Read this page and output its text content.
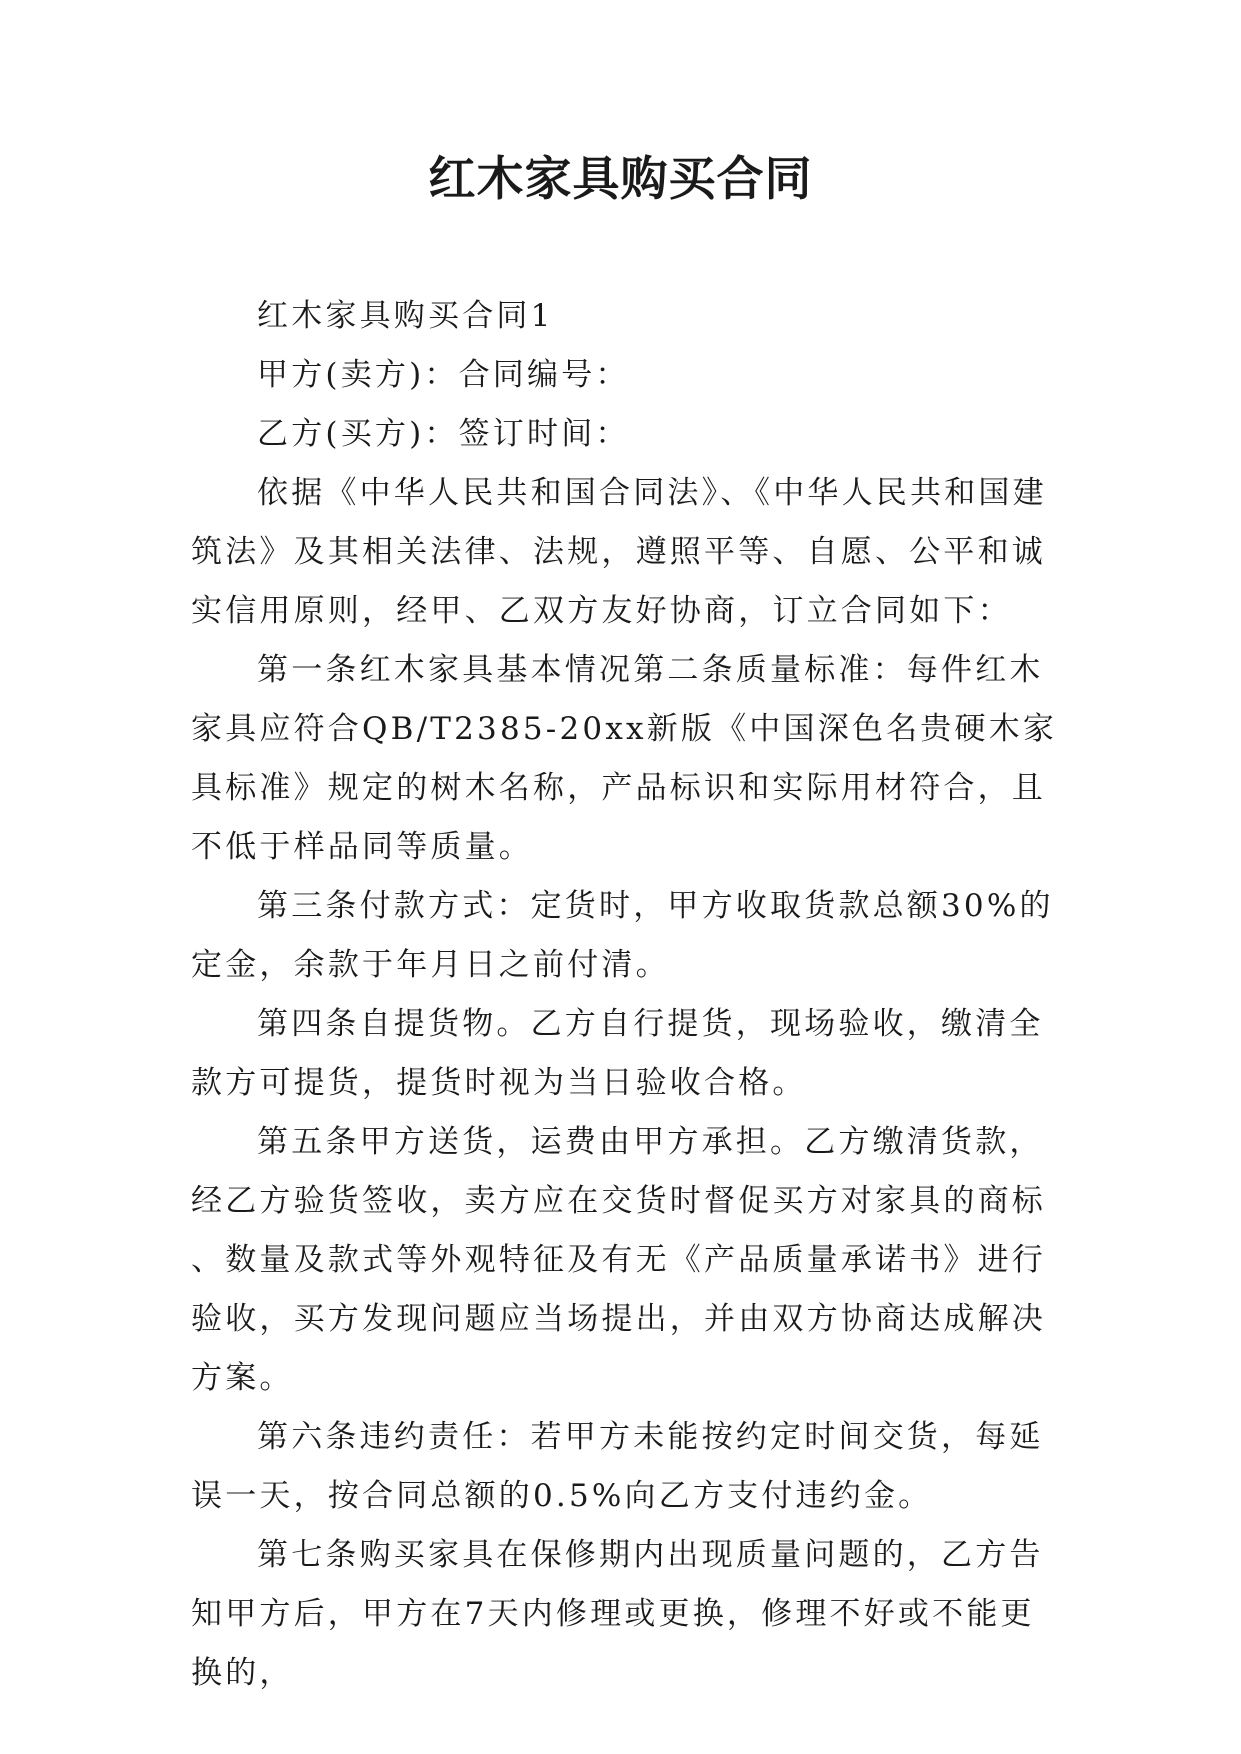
红木家具购买合同

红木家具购买合同1

甲方(卖方)：合同编号：

乙方(买方)：签订时间：

依据《中华人民共和国合同法》、《中华人民共和国建筑法》及其相关法律、法规，遵照平等、自愿、公平和诚实信用原则，经甲、乙双方友好协商，订立合同如下：

第一条红木家具基本情况第二条质量标准：每件红木家具应符合QB/T2385-20xx新版《中国深色名贵硬木家具标准》规定的树木名称，产品标识和实际用材符合，且不低于样品同等质量。

第三条付款方式：定货时，甲方收取货款总额30%的定金，余款于年月日之前付清。

第四条自提货物。乙方自行提货，现场验收，缴清全款方可提货，提货时视为当日验收合格。

第五条甲方送货，运费由甲方承担。乙方缴清货款，经乙方验货签收，卖方应在交货时督促买方对家具的商标、数量及款式等外观特征及有无《产品质量承诺书》进行验收，买方发现问题应当场提出，并由双方协商达成解决方案。

第六条违约责任：若甲方未能按约定时间交货，每延误一天，按合同总额的0.5%向乙方支付违约金。

第七条购买家具在保修期内出现质量问题的，乙方告知甲方后，甲方在7天内修理或更换，修理不好或不能更换的，
